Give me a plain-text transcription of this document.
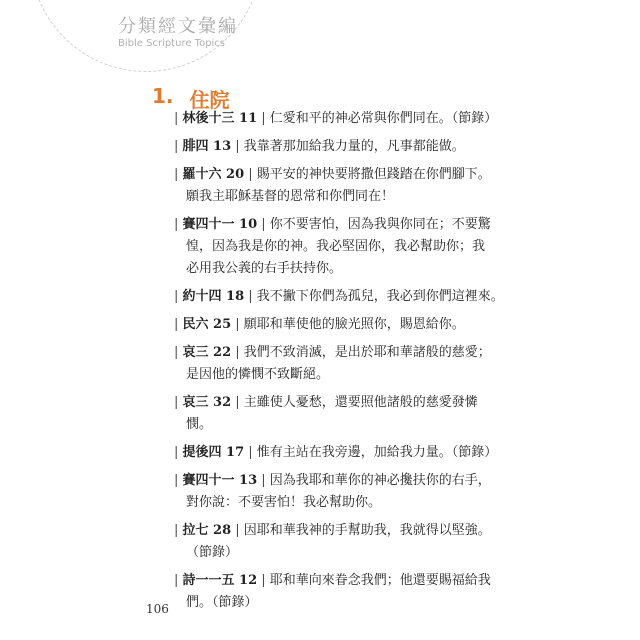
分類經文彙編
Bible Scripture Topics
1. 住院
| 林後十三 11 | 仁愛和平的神必常與你們同在。（節錄）
| 腓四 13 | 我靠著那加給我力量的，凡事都能做。
| 羅十六 20 | 賜平安的神快要將撒但踐踏在你們腳下。
願我主耶穌基督的恩常和你們同在！
| 賽四十一 10 | 你不要害怕，因為我與你同在；不要驚
惶，因為我是你的神。我必堅固你，我必幫助你；我
必用我公義的右手扶持你。
| 約十四 18 | 我不撇下你們為孤兒，我必到你們這裡來。
| 民六 25 | 願耶和華使他的臉光照你，賜恩給你。
| 哀三 22 | 我們不致消滅，是出於耶和華諸般的慈愛；
是因他的憐憫不致斷絕。
| 哀三 32 | 主雖使人憂愁，還要照他諸般的慈愛發憐
憫。
| 提後四 17 | 惟有主站在我旁邊，加給我力量。（節錄）
| 賽四十一 13 | 因為我耶和華你的神必攙扶你的右手，
對你說：不要害怕！我必幫助你。
| 拉七 28 | 因耶和華我神的手幫助我，我就得以堅強。
（節錄）
| 詩一一五 12 | 耶和華向來眷念我們；他還要賜福給我
們。（節錄）
106
